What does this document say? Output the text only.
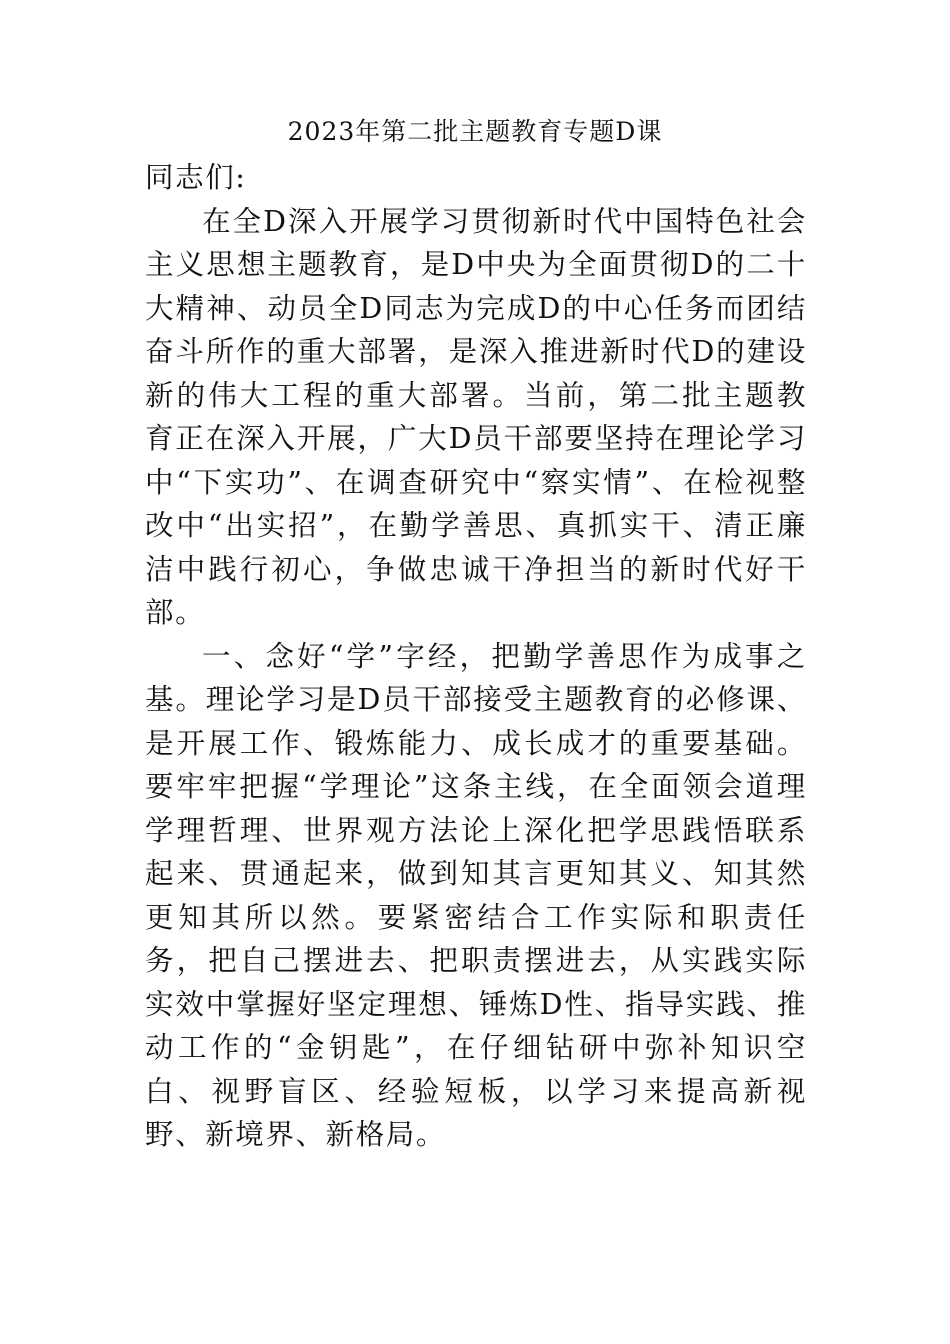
2023年第二批主题教育专题D课

同志们:

在全D深入开展学习贯彻新时代中国特色社会主义思想主题教育，是D中央为全面贯彻D的二十大精神、动员全D同志为完成D的中心任务而团结奋斗所作的重大部署，是深入推进新时代D的建设新的伟大工程的重大部署。当前，第二批主题教育正在深入开展，广大D员干部要坚持在理论学习中“下实功”、在调查研究中“察实情”、在检视整改中“出实招”，在勤学善思、真抓实干、清正廉洁中践行初心，争做忠诚干净担当的新时代好干部。

一、念好“学”字经，把勤学善思作为成事之基。理论学习是D员干部接受主题教育的必修课、是开展工作、锻炼能力、成长成才的重要基础。要牢牢把握“学理论”这条主线，在全面领会道理学理哲理、世界观方法论上深化把学思践悟联系起来、贯通起来，做到知其言更知其义、知其然更知其所以然。要紧密结合工作实际和职责任务，把自己摆进去、把职责摆进去，从实践实际实效中掌握好坚定理想、锤炼D性、指导实践、推动工作的“金钥匙”，在仔细钻研中弥补知识空白、视野盲区、经验短板，以学习来提高新视野、新境界、新格局。
